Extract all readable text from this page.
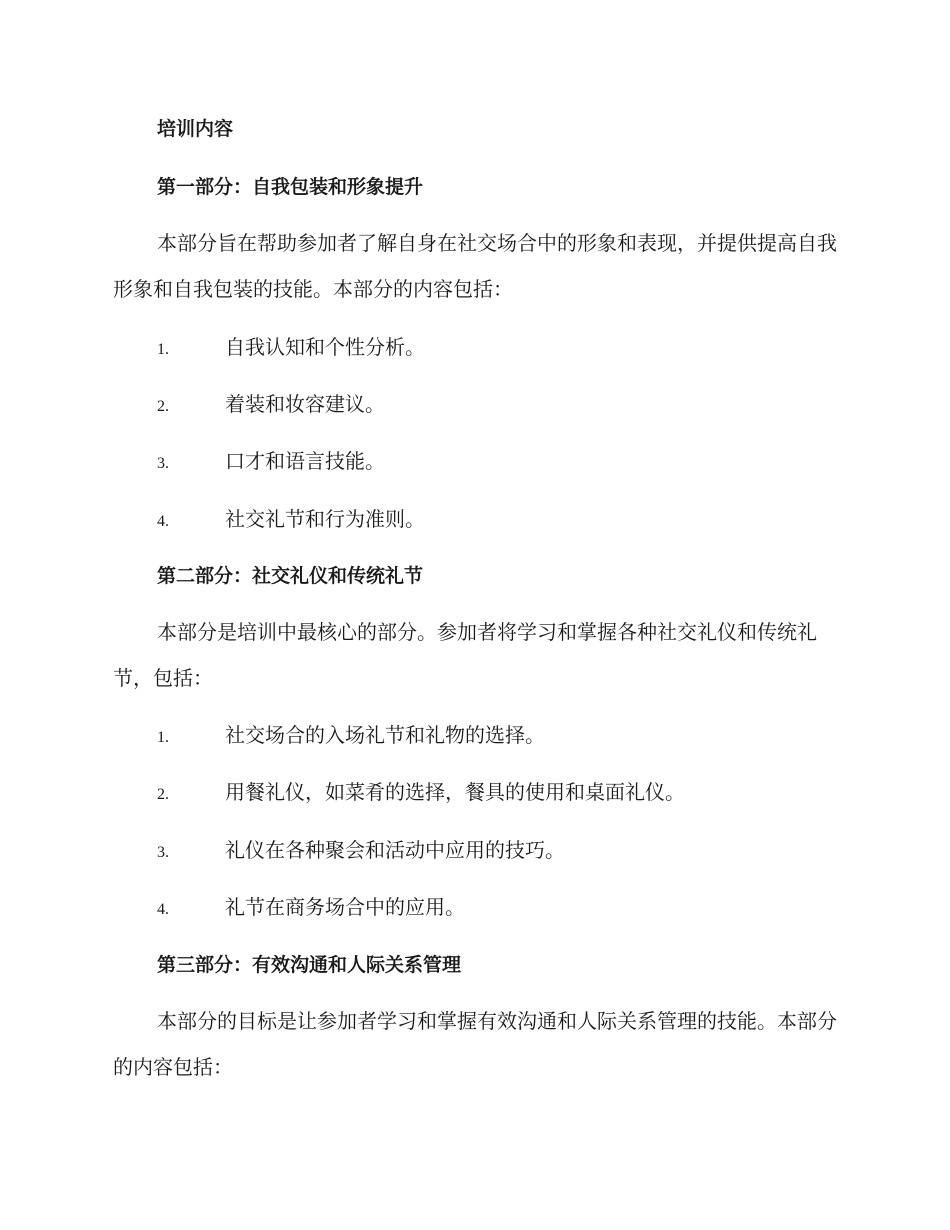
培训内容
第一部分：自我包装和形象提升

本部分旨在帮助参加者了解自身在社交场合中的形象和表现，并提供提高自我形象和自我包装的技能。本部分的内容包括：

1.	自我认知和个性分析。
2.	着装和妆容建议。
3.	口才和语言技能。
4.	社交礼节和行为准则。
第二部分：社交礼仪和传统礼节

本部分是培训中最核心的部分。参加者将学习和掌握各种社交礼仪和传统礼节，包括：

1.	社交场合的入场礼节和礼物的选择。
2.	用餐礼仪，如菜肴的选择，餐具的使用和桌面礼仪。
3.	礼仪在各种聚会和活动中应用的技巧。
4.	礼节在商务场合中的应用。
第三部分：有效沟通和人际关系管理

本部分的目标是让参加者学习和掌握有效沟通和人际关系管理的技能。本部分的内容包括：
